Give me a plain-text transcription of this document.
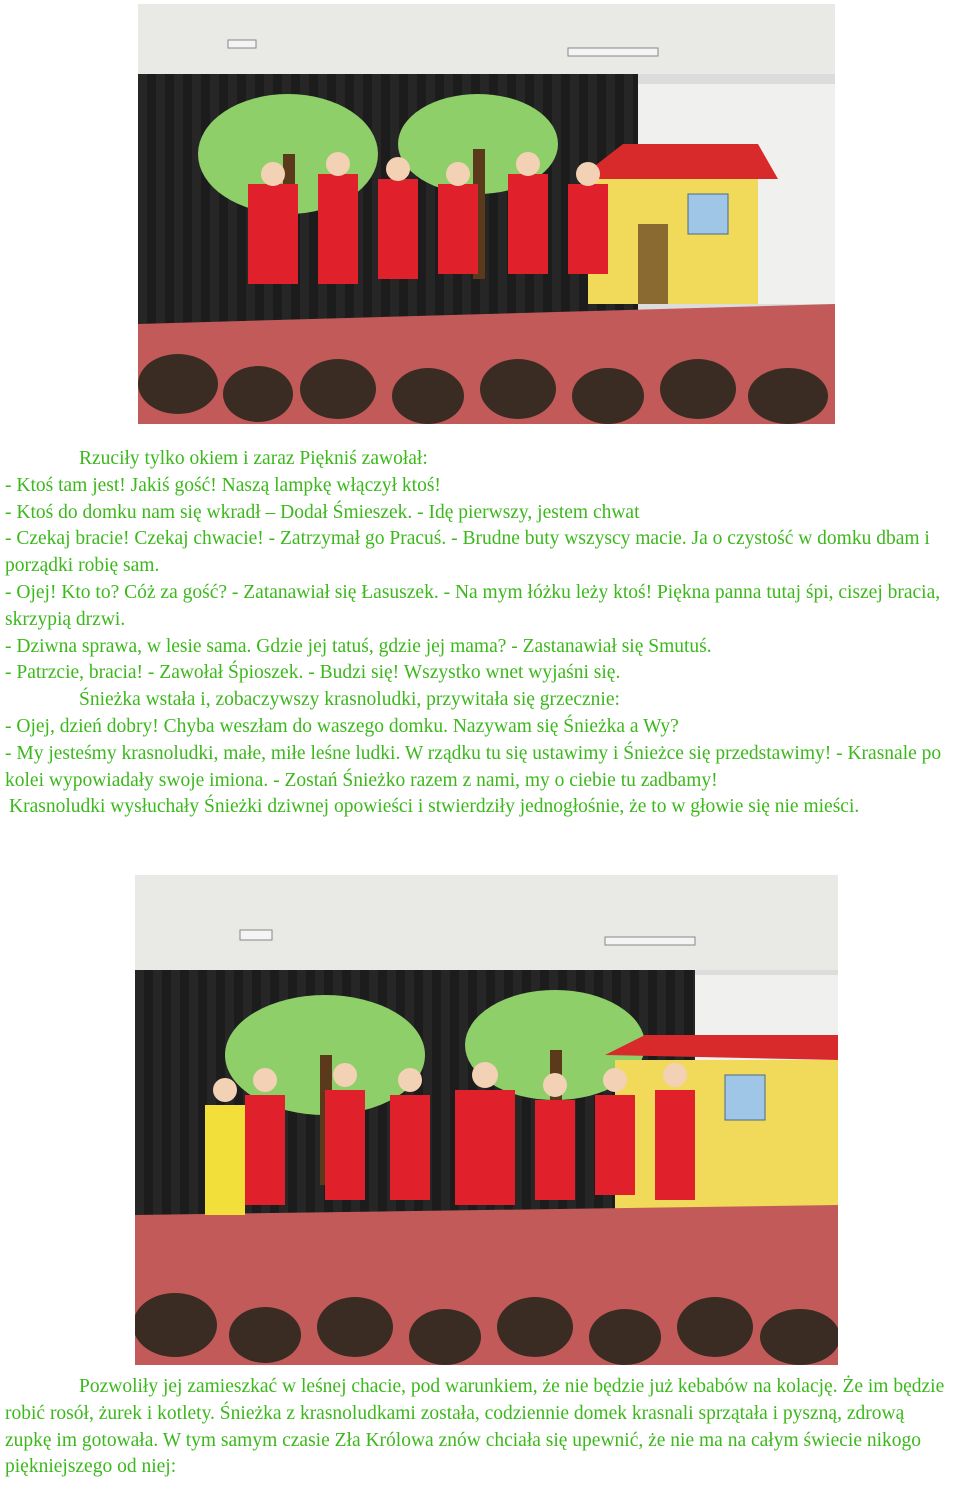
Rzuciły tylko okiem i zaraz Piękniś zawołał:

- Ktoś tam jest! Jakiś gość! Naszą lampkę włączył ktoś!

- Ktoś do domku nam się wkradł – Dodał Śmieszek. - Idę pierwszy, jestem chwat

- Czekaj bracie! Czekaj chwacie! - Zatrzymał go Pracuś. - Brudne buty wszyscy macie. Ja o czystość w domku dbam i porządki robię sam.

- Ojej! Kto to? Cóż za gość? - Zatanawiał się Łasuszek. - Na mym łóżku leży ktoś! Piękna panna tutaj śpi, ciszej bracia, skrzypią drzwi.

- Dziwna sprawa, w lesie sama. Gdzie jej tatuś, gdzie jej mama? - Zastanawiał się Smutuś.

- Patrzcie, bracia! - Zawołał Śpioszek. - Budzi się! Wszystko wnet wyjaśni się.

Śnieżka wstała i, zobaczywszy krasnoludki, przywitała się grzecznie:

- Ojej, dzień dobry! Chyba weszłam do waszego domku. Nazywam się Śnieżka a Wy?

- My jesteśmy krasnoludki, małe, miłe leśne ludki. W rządku tu się ustawimy i Śnieżce się przedstawimy! - Krasnale po kolei wypowiadały swoje imiona. - Zostań Śnieżko razem z nami, my o ciebie tu zadbamy!

Krasnoludki wysłuchały Śnieżki dziwnej opowieści i stwierdziły jednogłośnie, że to w głowie się nie mieści.

Pozwoliły jej zamieszkać w leśnej chacie, pod warunkiem, że nie będzie już kebabów na kolację. Że im będzie robić rosół, żurek i kotlety. Śnieżka z krasnoludkami została, codziennie domek krasnali sprzątała i pyszną, zdrową zupkę im gotowała. W tym samym czasie Zła Królowa znów chciała się upewnić, że nie ma na całym świecie nikogo piękniejszego od niej:
